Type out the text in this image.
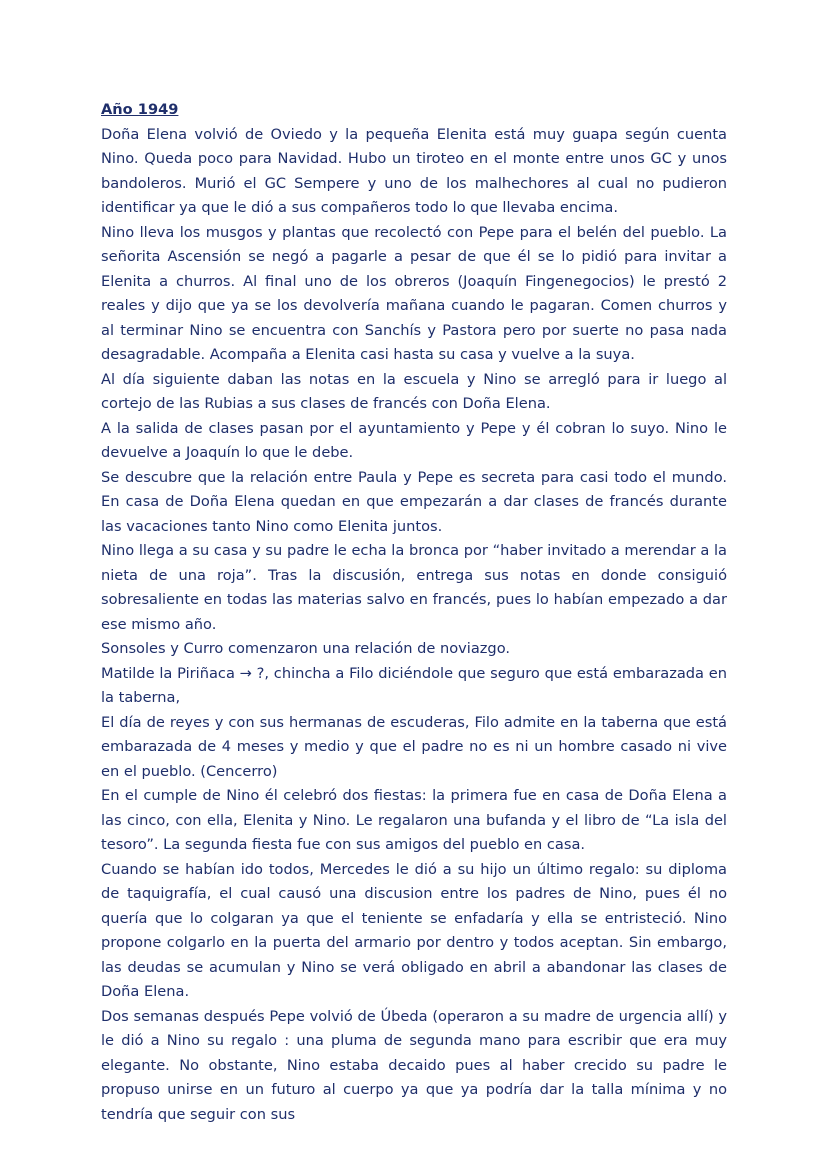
Año 1949

Doña Elena volvió de Oviedo y la pequeña Elenita está muy guapa según cuenta Nino. Queda poco para Navidad. Hubo un tiroteo en el monte entre unos GC y unos bandoleros. Murió el GC Sempere y uno de los malhechores al cual no pudieron identificar ya que le dió a sus compañeros todo lo que llevaba encima.

Nino lleva los musgos y plantas que recolectó con Pepe para el belén del pueblo. La señorita Ascensión se negó a pagarle a pesar de que él se lo pidió para invitar a Elenita a churros. Al final uno de los obreros (Joaquín Fingenegocios) le prestó 2 reales y dijo que ya se los devolvería mañana cuando le pagaran. Comen churros y al terminar Nino se encuentra con Sanchís y Pastora pero por suerte no pasa nada desagradable. Acompaña a Elenita casi hasta su casa y vuelve a la suya.

Al día siguiente daban las notas en la escuela y Nino se arregló para ir luego al cortejo de las Rubias a sus clases de francés con Doña Elena.

A la salida de clases pasan por el ayuntamiento y Pepe y él cobran lo suyo. Nino le devuelve a Joaquín lo que le debe.

Se descubre que la relación entre Paula y Pepe es secreta para casi todo el mundo. En casa de Doña Elena quedan en que empezarán a dar clases de francés durante las vacaciones tanto Nino como Elenita juntos.

Nino llega a su casa y su padre le echa la bronca por “haber invitado a merendar a la nieta de una roja”. Tras la discusión, entrega sus notas en donde consiguió sobresaliente en todas las materias salvo en francés, pues lo habían empezado a dar ese mismo año.

Sonsoles y Curro comenzaron una relación de noviazgo.

Matilde la Piriñaca → ?, chincha a Filo diciéndole que seguro que está embarazada en la taberna,

El día de reyes y con sus hermanas de escuderas, Filo admite en la taberna que está embarazada de 4 meses y medio y que el padre no es ni un hombre casado ni vive en el pueblo. (Cencerro)

En el cumple de Nino él celebró dos fiestas: la primera fue en casa de Doña Elena a las cinco, con ella, Elenita y Nino. Le regalaron una bufanda y el libro de “La isla del tesoro”. La segunda fiesta fue con sus amigos del pueblo en casa.

Cuando se habían ido todos, Mercedes le dió a su hijo un último regalo: su diploma de taquigrafía, el cual causó una discusion entre los padres de Nino, pues él no quería que lo colgaran ya que el teniente se enfadaría y ella se entristeció. Nino propone colgarlo en la puerta del armario por dentro y todos aceptan. Sin embargo, las deudas se acumulan y Nino se verá obligado en abril a abandonar las clases de Doña Elena.

Dos semanas después Pepe volvió de Úbeda (operaron a su madre de urgencia allí) y le dió a Nino su regalo : una pluma de segunda mano para escribir que era muy elegante. No obstante, Nino estaba decaido pues al haber crecido su padre le propuso unirse en un futuro al cuerpo ya que ya podría dar la talla mínima y no tendría que seguir con sus
